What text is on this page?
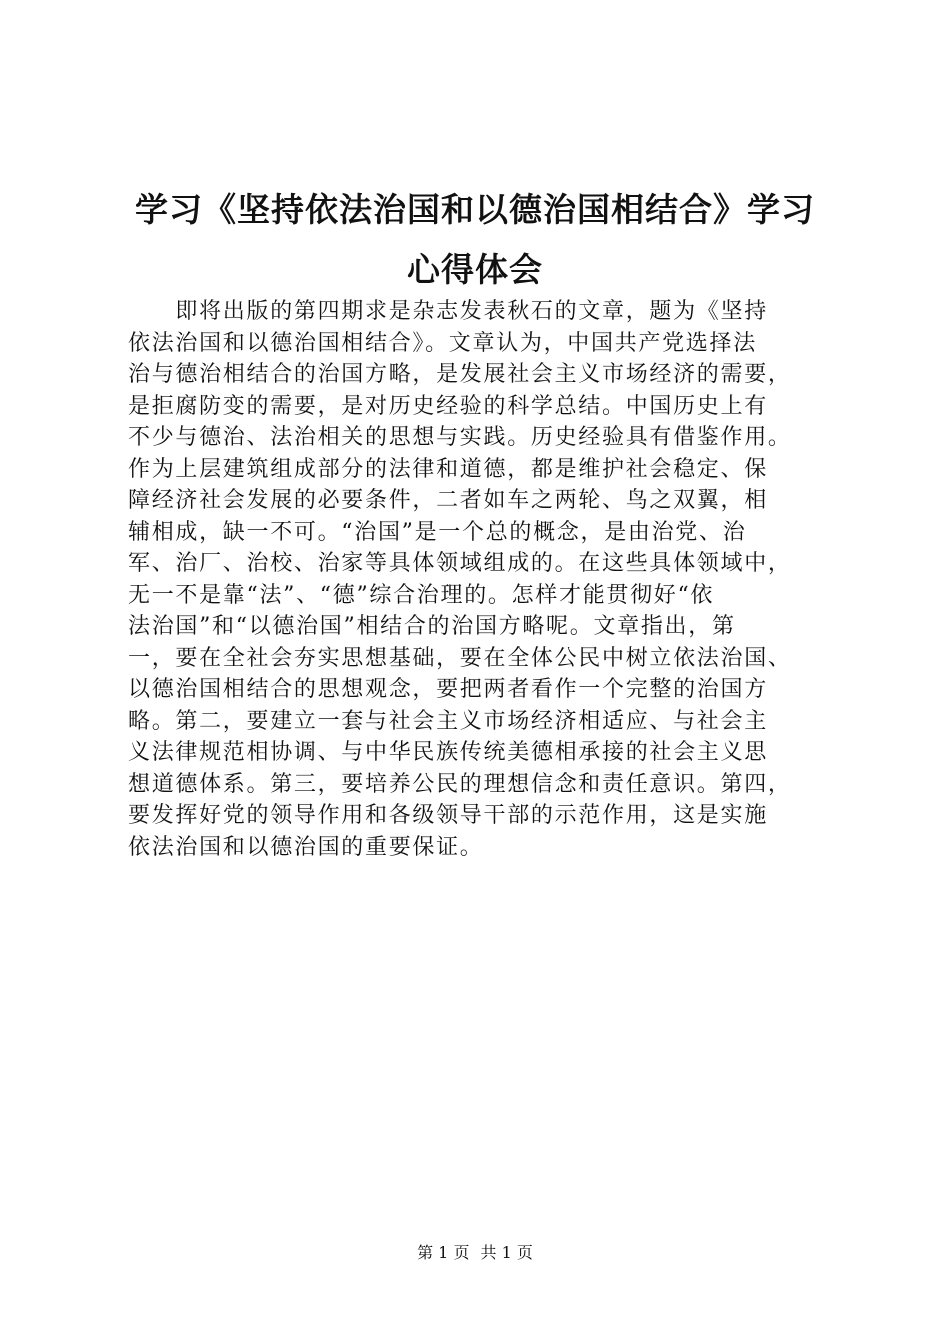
学习《坚持依法治国和以德治国相结合》学习
心得体会
　　即将出版的第四期求是杂志发表秋石的文章，题为《坚持
依法治国和以德治国相结合》。文章认为，中国共产党选择法
治与德治相结合的治国方略，是发展社会主义市场经济的需要，
是拒腐防变的需要，是对历史经验的科学总结。中国历史上有
不少与德治、法治相关的思想与实践。历史经验具有借鉴作用。
作为上层建筑组成部分的法律和道德，都是维护社会稳定、保
障经济社会发展的必要条件，二者如车之两轮、鸟之双翼，相
辅相成，缺一不可。“治国”是一个总的概念，是由治党、治
军、治厂、治校、治家等具体领域组成的。在这些具体领域中，
无一不是靠“法”、“德”综合治理的。怎样才能贯彻好“依
法治国”和“以德治国”相结合的治国方略呢。文章指出，第
一，要在全社会夯实思想基础，要在全体公民中树立依法治国、
以德治国相结合的思想观念，要把两者看作一个完整的治国方
略。第二，要建立一套与社会主义市场经济相适应、与社会主
义法律规范相协调、与中华民族传统美德相承接的社会主义思
想道德体系。第三，要培养公民的理想信念和责任意识。第四，
要发挥好党的领导作用和各级领导干部的示范作用，这是实施
依法治国和以德治国的重要保证。
第 1 页 共 1 页
